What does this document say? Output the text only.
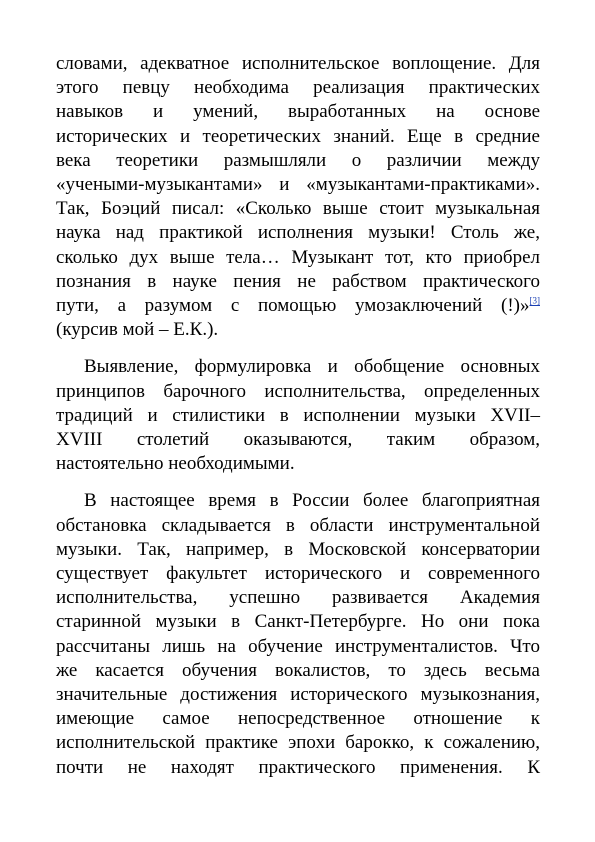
словами, адекватное исполнительское воплощение. Для
этого певцу необходима реализация практических
навыков и умений, выработанных на основе
исторических и теоретических знаний. Еще в средние
века теоретики размышляли о различии между
«учеными-музыкантами» и «музыкантами-практиками».
Так, Боэций писал: «Сколько выше стоит музыкальная
наука над практикой исполнения музыки! Столь же,
сколько дух выше тела… Музыкант тот, кто приобрел
познания в науке пения не рабством практического
пути, а разумом с помощью умозаключений (!)»[3]
(курсив мой – Е.К.).
Выявление, формулировка и обобщение основных
принципов барочного исполнительства, определенных
традиций и стилистики в исполнении музыки XVII–
XVIII столетий оказываются, таким образом,
настоятельно необходимыми.
В настоящее время в России более благоприятная
обстановка складывается в области инструментальной
музыки. Так, например, в Московской консерватории
существует факультет исторического и современного
исполнительства, успешно развивается Академия
старинной музыки в Санкт-Петербурге. Но они пока
рассчитаны лишь на обучение инструменталистов. Что
же касается обучения вокалистов, то здесь весьма
значительные достижения исторического музыкознания,
имеющие самое непосредственное отношение к
исполнительской практике эпохи барокко, к сожалению,
почти не находят практического применения. К
